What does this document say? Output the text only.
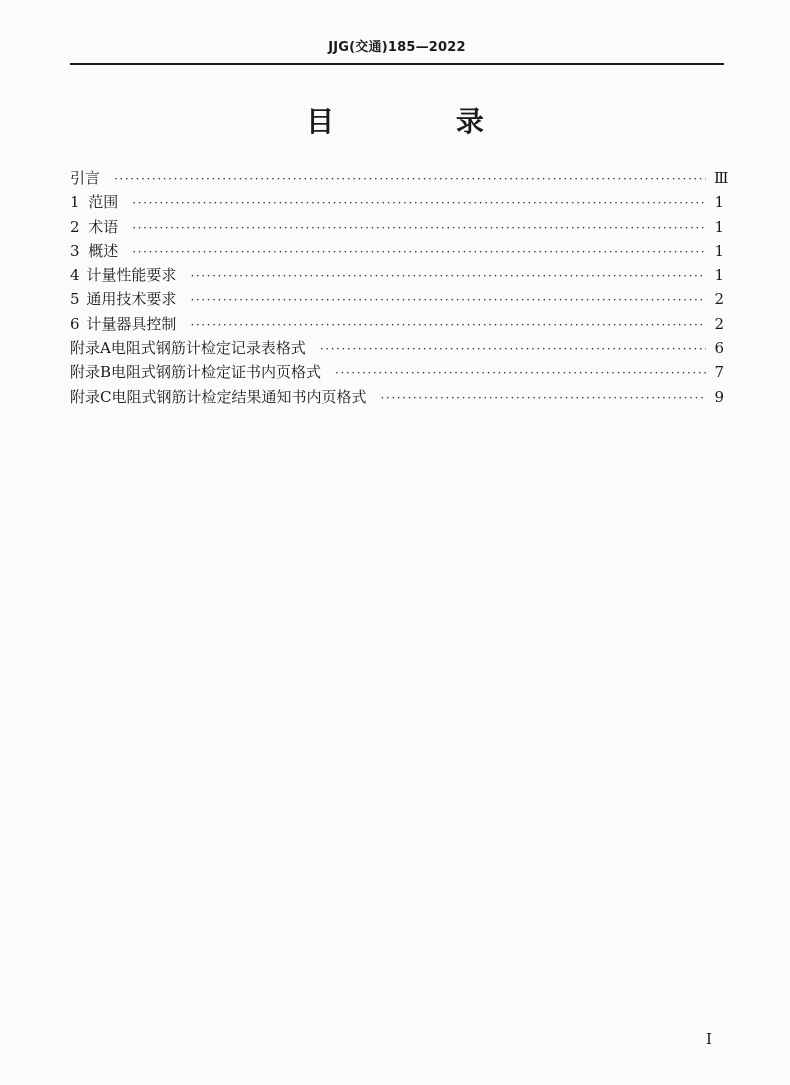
JJG(交通)185—2022
目 录
引言 ·····	Ⅲ
1 范围 ·····	1
2 术语 ·····	1
3 概述 ·····	1
4 计量性能要求 ·····	1
5 通用技术要求 ·····	2
6 计量器具控制 ·····	2
附录A 电阻式钢筋计检定记录表格式 ·····	6
附录B 电阻式钢筋计检定证书内页格式 ·····	7
附录C 电阻式钢筋计检定结果通知书内页格式 ·····	9
I
